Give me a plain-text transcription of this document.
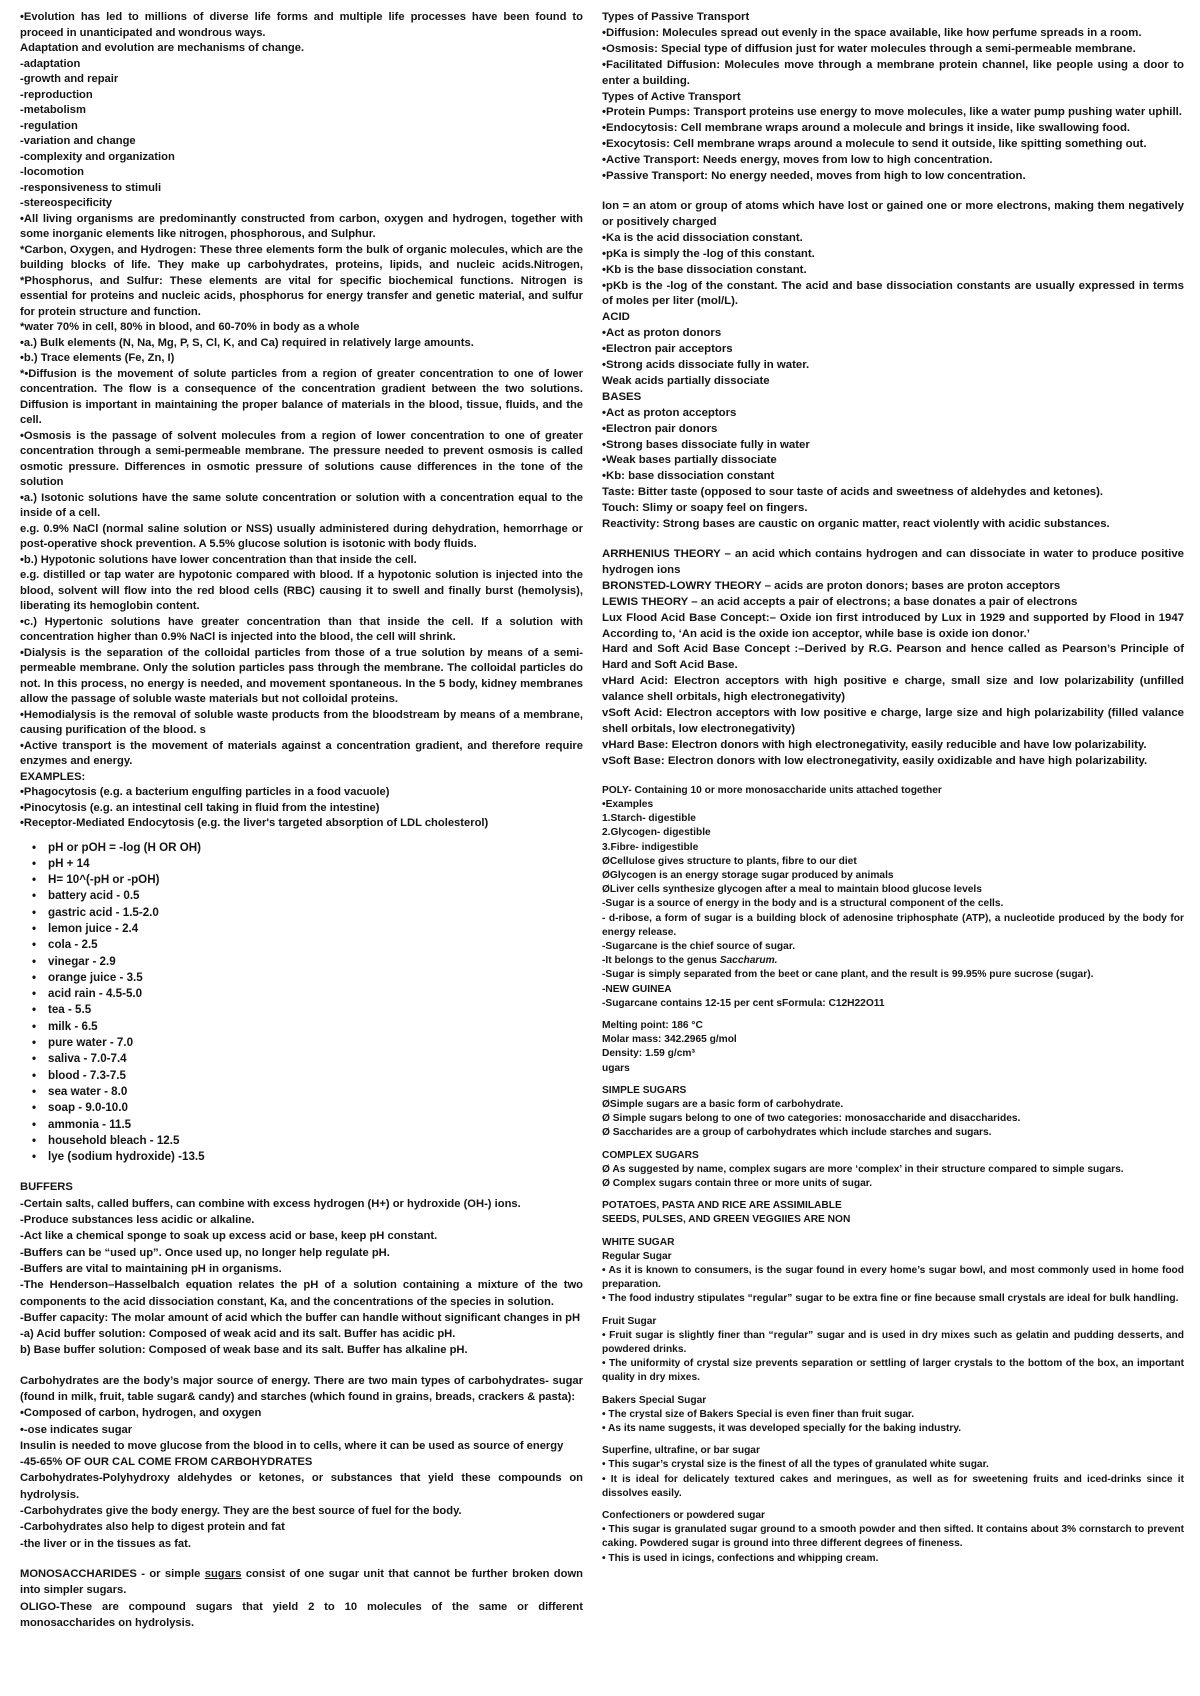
•Evolution has led to millions of diverse life forms and multiple life processes have been found to proceed in unanticipated and wondrous ways.

Adaptation and evolution are mechanisms of change.

-adaptation

-growth and repair

-reproduction

-metabolism

-regulation

-variation and change

-complexity and organization

-locomotion

-responsiveness to stimuli

-stereospecificity

•All living organisms are predominantly constructed from carbon, oxygen and hydrogen, together with some inorganic elements like nitrogen, phosphorous, and Sulphur.

*Carbon, Oxygen, and Hydrogen: These three elements form the bulk of organic molecules, which are the building blocks of life. They make up carbohydrates, proteins, lipids, and nucleic acids.Nitrogen, *Phosphorus, and Sulfur: These elements are vital for specific biochemical functions. Nitrogen is essential for proteins and nucleic acids, phosphorus for energy transfer and genetic material, and sulfur for protein structure and function.

*water 70% in cell, 80% in blood, and 60-70% in body as a whole

•a.) Bulk elements (N, Na, Mg, P, S, Cl, K, and Ca) required in relatively large amounts.

•b.) Trace elements (Fe, Zn, I)

*•Diffusion is the movement of solute particles from a region of greater concentration to one of lower concentration. The flow is a consequence of the concentration gradient between the two solutions. Diffusion is important in maintaining the proper balance of materials in the blood, tissue, fluids, and the cell.

•Osmosis is the passage of solvent molecules from a region of lower concentration to one of greater concentration through a semi-permeable membrane. The pressure needed to prevent osmosis is called osmotic pressure. Differences in osmotic pressure of solutions cause differences in the tone of the solution

•a.) Isotonic solutions have the same solute concentration or solution with a concentration equal to the inside of a cell.

e.g. 0.9% NaCl (normal saline solution or NSS) usually administered during dehydration, hemorrhage or post-operative shock prevention. A 5.5% glucose solution is isotonic with body fluids.

•b.) Hypotonic solutions have lower concentration than that inside the cell.

e.g. distilled or tap water are hypotonic compared with blood. If a hypotonic solution is injected into the blood, solvent will flow into the red blood cells (RBC) causing it to swell and finally burst (hemolysis), liberating its hemoglobin content.

•c.) Hypertonic solutions have greater concentration than that inside the cell. If a solution with concentration higher than 0.9% NaCl is injected into the blood, the cell will shrink.

•Dialysis is the separation of the colloidal particles from those of a true solution by means of a semi-permeable membrane. Only the solution particles pass through the membrane. The colloidal particles do not. In this process, no energy is needed, and movement spontaneous. In the 5 body, kidney membranes allow the passage of soluble waste materials but not colloidal proteins.

•Hemodialysis is the removal of soluble waste products from the bloodstream by means of a membrane, causing purification of the blood. s

•Active transport is the movement of materials against a concentration gradient, and therefore require enzymes and energy.

EXAMPLES:

•Phagocytosis (e.g. a bacterium engulfing particles in a food vacuole)

•Pinocytosis (e.g. an intestinal cell taking in fluid from the intestine)

•Receptor-Mediated Endocytosis (e.g. the liver's targeted absorption of LDL cholesterol)

• pH or pOH = -log (H OR OH)
• pH + 14
• H= 10^(-pH or -pOH)
• battery acid - 0.5
• gastric acid - 1.5-2.0
• lemon juice - 2.4
• cola - 2.5
• vinegar - 2.9
• orange juice - 3.5
• acid rain - 4.5-5.0
• tea - 5.5
• milk - 6.5
• pure water - 7.0
• saliva - 7.0-7.4
• blood - 7.3-7.5
• sea water - 8.0
• soap - 9.0-10.0
• ammonia - 11.5
• household bleach - 12.5
• lye (sodium hydroxide) -13.5

BUFFERS

-Certain salts, called buffers, can combine with excess hydrogen (H+) or hydroxide (OH-) ions.

-Produce substances less acidic or alkaline.

-Act like a chemical sponge to soak up excess acid or base, keep pH constant.

-Buffers can be “used up”. Once used up, no longer help regulate pH.

-Buffers are vital to maintaining pH in organisms.

-The Henderson–Hasselbalch equation relates the pH of a solution containing a mixture of the two components to the acid dissociation constant, Ka, and the concentrations of the species in solution.

-Buffer capacity: The molar amount of acid which the buffer can handle without significant changes in pH

-a) Acid buffer solution: Composed of weak acid and its salt. Buffer has acidic pH.

b) Base buffer solution: Composed of weak base and its salt. Buffer has alkaline pH.

Carbohydrates are the body’s major source of energy. There are two main types of carbohydrates- sugar (found in milk, fruit, table sugar& candy) and starches (which found in grains, breads, crackers & pasta):

•Composed of carbon, hydrogen, and oxygen

•-ose indicates sugar

Insulin is needed to move glucose from the blood in to cells, where it can be used as source of energy

-45-65% OF OUR CAL COME FROM CARBOHYDRATES

Carbohydrates-Polyhydroxy aldehydes or ketones, or substances that yield these compounds on hydrolysis.

-Carbohydrates give the body energy. They are the best source of fuel for the body.

-Carbohydrates also help to digest protein and fat

-the liver or in the tissues as fat.

MONOSACCHARIDES - or simple sugars consist of one sugar unit that cannot be further broken down into simpler sugars.

OLIGO-These are compound sugars that yield 2 to 10 molecules of the same or different monosaccharides on hydrolysis.

Types of Passive Transport

•Diffusion: Molecules spread out evenly in the space available, like how perfume spreads in a room.

•Osmosis: Special type of diffusion just for water molecules through a semi-permeable membrane.

•Facilitated Diffusion: Molecules move through a membrane protein channel, like people using a door to enter a building.

Types of Active Transport

•Protein Pumps: Transport proteins use energy to move molecules, like a water pump pushing water uphill.

•Endocytosis: Cell membrane wraps around a molecule and brings it inside, like swallowing food.

•Exocytosis: Cell membrane wraps around a molecule to send it outside, like spitting something out.

•Active Transport: Needs energy, moves from low to high concentration.

•Passive Transport: No energy needed, moves from high to low concentration.

Ion = an atom or group of atoms which have lost or gained one or more electrons, making them negatively or positively charged

•Ka is the acid dissociation constant.

•pKa is simply the -log of this constant.

•Kb is the base dissociation constant.

•pKb is the -log of the constant. The acid and base dissociation constants are usually expressed in terms of moles per liter (mol/L).

ACID

•Act as proton donors

•Electron pair acceptors

•Strong acids dissociate fully in water.

Weak acids partially dissociate

BASES

•Act as proton acceptors

•Electron pair donors

•Strong bases dissociate fully in water

•Weak bases partially dissociate

•Kb: base dissociation constant

Taste: Bitter taste (opposed to sour taste of acids and sweetness of aldehydes and ketones).

Touch: Slimy or soapy feel on fingers.

Reactivity: Strong bases are caustic on organic matter, react violently with acidic substances.

ARRHENIUS THEORY – an acid which contains hydrogen and can dissociate in water to produce positive hydrogen ions

BRONSTED-LOWRY THEORY – acids are proton donors; bases are proton acceptors

LEWIS THEORY – an acid accepts a pair of electrons; a base donates a pair of electrons

Lux Flood Acid Base Concept:– Oxide ion first introduced by Lux in 1929 and supported by Flood in 1947 According to, ‘An acid is the oxide ion acceptor, while base is oxide ion donor.’

Hard and Soft Acid Base Concept :–Derived by R.G. Pearson and hence called as Pearson’s Principle of Hard and Soft Acid Base.

vHard Acid: Electron acceptors with high positive e charge, small size and low polarizability (unfilled valance shell orbitals, high electronegativity)

vSoft Acid: Electron acceptors with low positive e charge, large size and high polarizability (filled valance shell orbitals, low electronegativity)

vHard Base: Electron donors with high electronegativity, easily reducible and have low polarizability.

vSoft Base: Electron donors with low electronegativity, easily oxidizable and have high polarizability.

POLY- Containing 10 or more monosaccharide units attached together

•Examples

1.Starch- digestible

2.Glycogen- digestible

3.Fibre- indigestible

ØCellulose gives structure to plants, fibre to our diet

ØGlycogen is an energy storage sugar produced by animals

ØLiver cells synthesize glycogen after a meal to maintain blood glucose levels

-Sugar is a source of energy in the body and is a structural component of the cells.

- d-ribose, a form of sugar is a building block of adenosine triphosphate (ATP), a nucleotide produced by the body for energy release.

-Sugarcane is the chief source of sugar.

-It belongs to the genus Saccharum.

-Sugar is simply separated from the beet or cane plant, and the result is 99.95% pure sucrose (sugar).

-NEW GUINEA

-Sugarcane contains 12-15 per cent sFormula: C12H22O11

Melting point: 186 °C

Molar mass: 342.2965 g/mol

Density: 1.59 g/cm³

ugars

SIMPLE SUGARS

ØSimple sugars are a basic form of carbohydrate.

Ø Simple sugars belong to one of two categories: monosaccharide and disaccharides.

Ø Saccharides are a group of carbohydrates which include starches and sugars.

COMPLEX SUGARS

Ø As suggested by name, complex sugars are more ‘complex’ in their structure compared to simple sugars.

Ø Complex sugars contain three or more units of sugar.

POTATOES, PASTA AND RICE ARE ASSIMILABLE

SEEDS, PULSES, AND GREEN VEGGIIES ARE NON

WHITE SUGAR

Regular Sugar

• As it is known to consumers, is the sugar found in every home’s sugar bowl, and most commonly used in home food preparation.

• The food industry stipulates “regular” sugar to be extra fine or fine because small crystals are ideal for bulk handling.

Fruit Sugar

• Fruit sugar is slightly finer than “regular” sugar and is used in dry mixes such as gelatin and pudding desserts, and powdered drinks.

• The uniformity of crystal size prevents separation or settling of larger crystals to the bottom of the box, an important quality in dry mixes.

Bakers Special Sugar

• The crystal size of Bakers Special is even finer than fruit sugar.

• As its name suggests, it was developed specially for the baking industry.

Superfine, ultrafine, or bar sugar

• This sugar’s crystal size is the finest of all the types of granulated white sugar.

• It is ideal for delicately textured cakes and meringues, as well as for sweetening fruits and iced-drinks since it dissolves easily.

Confectioners or powdered sugar

• This sugar is granulated sugar ground to a smooth powder and then sifted. It contains about 3% cornstarch to prevent caking. Powdered sugar is ground into three different degrees of fineness.

• This is used in icings, confections and whipping cream.
